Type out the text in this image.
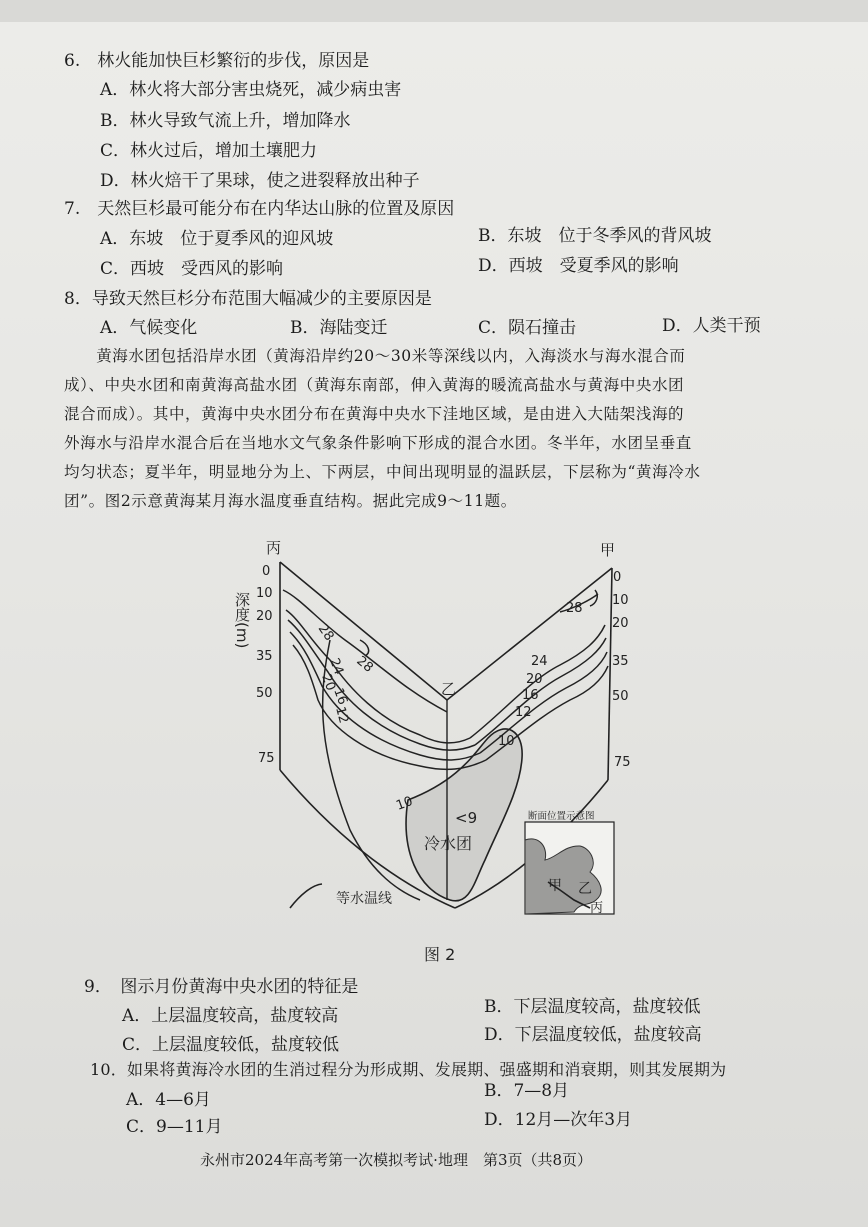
6.　林火能加快巨杉繁衍的步伐，原因是
A．林火将大部分害虫烧死，减少病虫害
B．林火导致气流上升，增加降水
C．林火过后，增加土壤肥力
D．林火焙干了果球，使之进裂释放出种子
7.　天然巨杉最可能分布在内华达山脉的位置及原因
A．东坡　位于夏季风的迎风坡	B．东坡　位于冬季风的背风坡
C．西坡　受西风的影响	D．西坡　受夏季风的影响
8．导致天然巨杉分布范围大幅减少的主要原因是
A．气候变化	B．海陆变迁	C．陨石撞击	D．人类干预
　　黄海水团包括沿岸水团（黄海沿岸约20～30米等深线以内，入海淡水与海水混合而
成）、中央水团和南黄海高盐水团（黄海东南部，伸入黄海的暖流高盐水与黄海中央水团
混合而成）。其中，黄海中央水团分布在黄海中央水下洼地区域，是由进入大陆架浅海的
外海水与沿岸水混合后在当地水文气象条件影响下形成的混合水团。冬半年，水团呈垂直
均匀状态；夏半年，明显地分为上、下两层，中间出现明显的温跃层，下层称为“黄海冷水
团”。图2示意黄海某月海水温度垂直结构。据此完成9～11题。
丙	甲
乙
深度(m)
0
10
20
35
50
75
0
10
20
35
50
75
28
28
24
20
16
12
24
20
16
12
28
10
10
<9
冷水团
断面位置示意图
甲 乙
丙
等水温线
图 2
9．　图示月份黄海中央水团的特征是
A．上层温度较高，盐度较高	B．下层温度较高，盐度较低
C．上层温度较低，盐度较低	D．下层温度较低，盐度较高
10．如果将黄海冷水团的生消过程分为形成期、发展期、强盛期和消衰期，则其发展期为
A．4—6月	B．7—8月
C．9—11月	D．12月—次年3月
永州市2024年高考第一次模拟考试·地理　第3页（共8页）
